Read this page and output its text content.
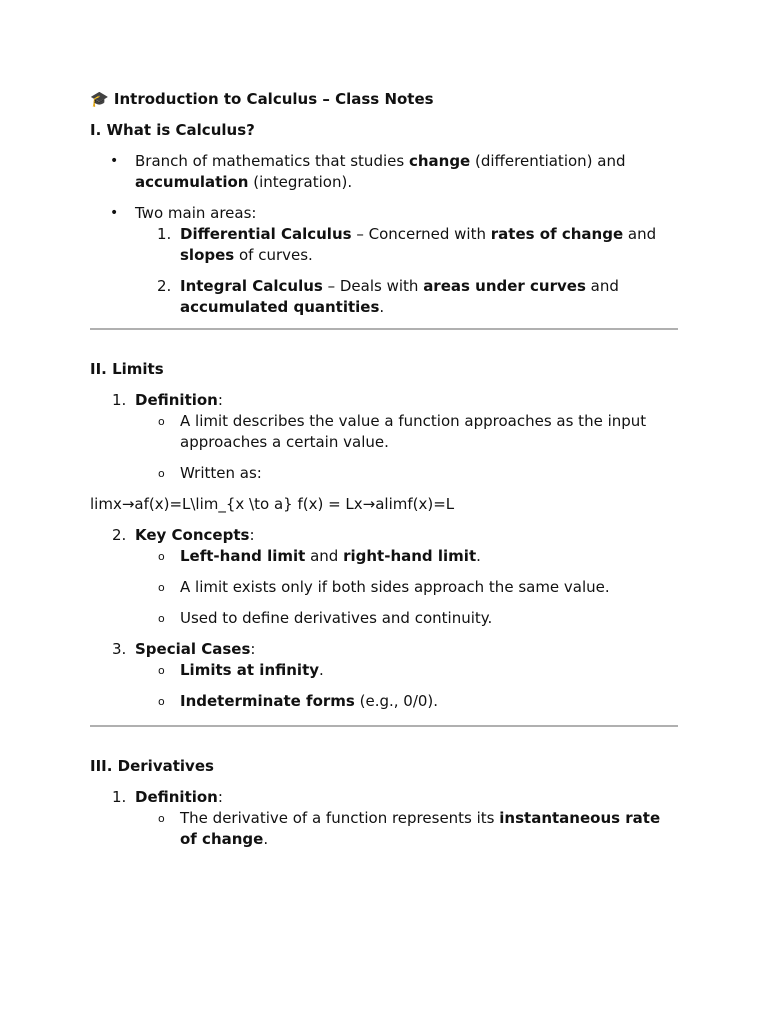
🎓 Introduction to Calculus – Class Notes
I. What is Calculus?
• Branch of mathematics that studies change (differentiation) and accumulation (integration).
• Two main areas:
1. Differential Calculus – Concerned with rates of change and slopes of curves.
2. Integral Calculus – Deals with areas under curves and accumulated quantities.
II. Limits
1. Definition:
o A limit describes the value a function approaches as the input approaches a certain value.
o Written as:
limx→af(x)=L\lim_{x \to a} f(x) = Lx→alimf(x)=L
2. Key Concepts:
o Left-hand limit and right-hand limit.
o A limit exists only if both sides approach the same value.
o Used to define derivatives and continuity.
3. Special Cases:
o Limits at infinity.
o Indeterminate forms (e.g., 0/0).
III. Derivatives
1. Definition:
o The derivative of a function represents its instantaneous rate of change.
